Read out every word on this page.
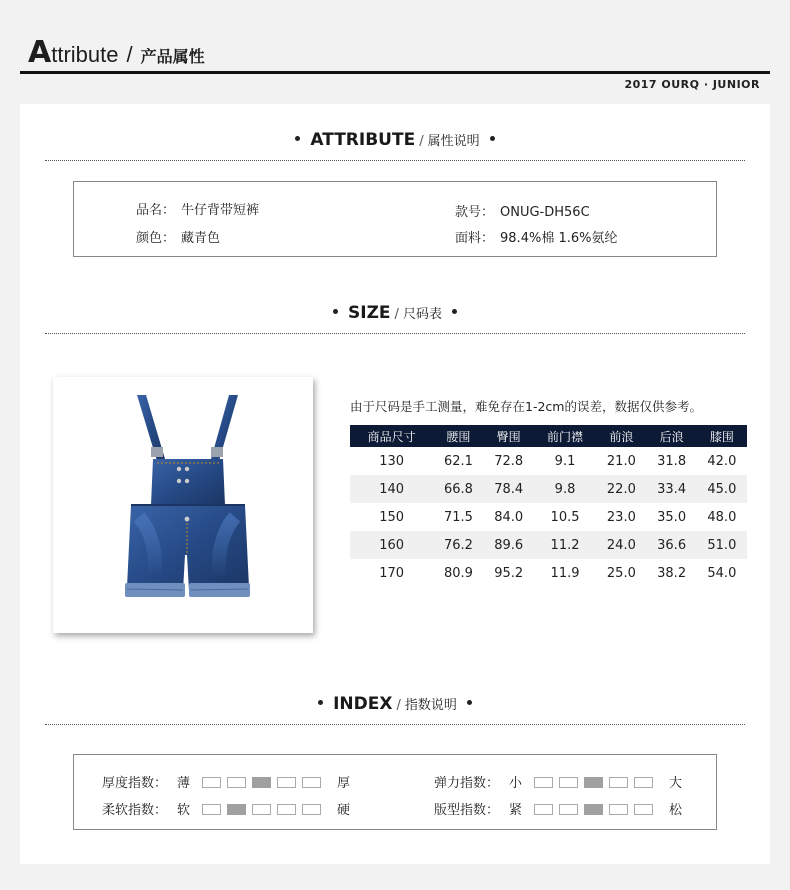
Attribute / 产品属性
2017 OURQ · JUNIOR
ATTRIBUTE / 属性说明
品名： 牛仔背带短裤
颜色： 藏青色
款号： ONUG-DH56C
面料： 98.4%棉 1.6%氨纶
SIZE / 尺码表
由于尺码是手工测量，难免存在1-2cm的误差，数据仅供参考。
商品尺寸	腰围	臀围	前门襟	前浪	后浪	膝围
130	62.1	72.8	9.1	21.0	31.8	42.0
140	66.8	78.4	9.8	22.0	33.4	45.0
150	71.5	84.0	10.5	23.0	35.0	48.0
160	76.2	89.6	11.2	24.0	36.6	51.0
170	80.9	95.2	11.9	25.0	38.2	54.0
INDEX / 指数说明
厚度指数： 薄	厚
柔软指数： 软	硬
弹力指数： 小	大
版型指数： 紧	松
